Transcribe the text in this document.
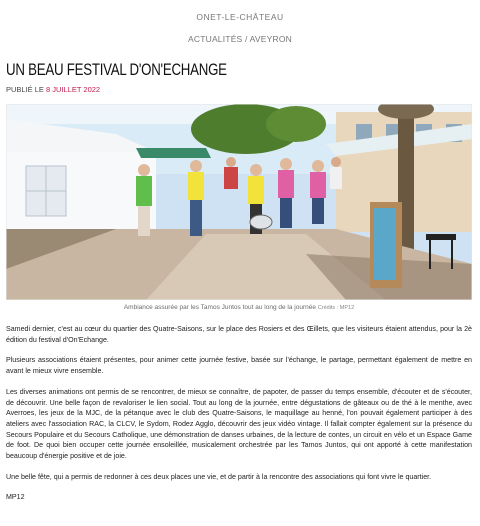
ONET-LE-CHÂTEAU
ACTUALITÉS / AVEYRON
UN BEAU FESTIVAL D'ON'ECHANGE
PUBLIÉ LE 8 JUILLET 2022
Ambiance assurée par les Tamos Juntos tout au long de la journée Crédits : MP12

Samedi dernier, c'est au cœur du quartier des Quatre-Saisons, sur le place des Rosiers et des Œillets, que les visiteurs étaient attendus, pour la 2è édition du festival d'On'Echange.

Plusieurs associations étaient présentes, pour animer cette journée festive, basée sur l'échange, le partage, permettant également de mettre en avant le mieux vivre ensemble.

Les diverses animations ont permis de se rencontrer, de mieux se connaître, de papoter, de passer du temps ensemble, d'écouter et de s'écouter, de découvrir. Une belle façon de revaloriser le lien social. Tout au long de la journée, entre dégustations de gâteaux ou de thé à le menthe, avec Averroes, les jeux de la MJC, de la pétanque avec le club des Quatre-Saisons, le maquillage au henné, l'on pouvait également participer à des ateliers avec l'association RAC, la CLCV, le Sydom, Rodez Agglo, découvrir des jeux vidéo vintage. Il fallait compter également sur la présence du Secours Populaire et du Secours Catholique, une démonstration de danses urbaines, de la lecture de contes, un circuit en vélo et un Espace Game de foot. De quoi bien occuper cette journée ensoleillée, musicalement orchestrée par les Tamos Juntos, qui ont apporté à cette manifestation beaucoup d'énergie positive et de joie.

Une belle fête, qui a permis de redonner à ces deux places une vie, et de partir à la rencontre des associations qui font vivre le quartier.

MP12
